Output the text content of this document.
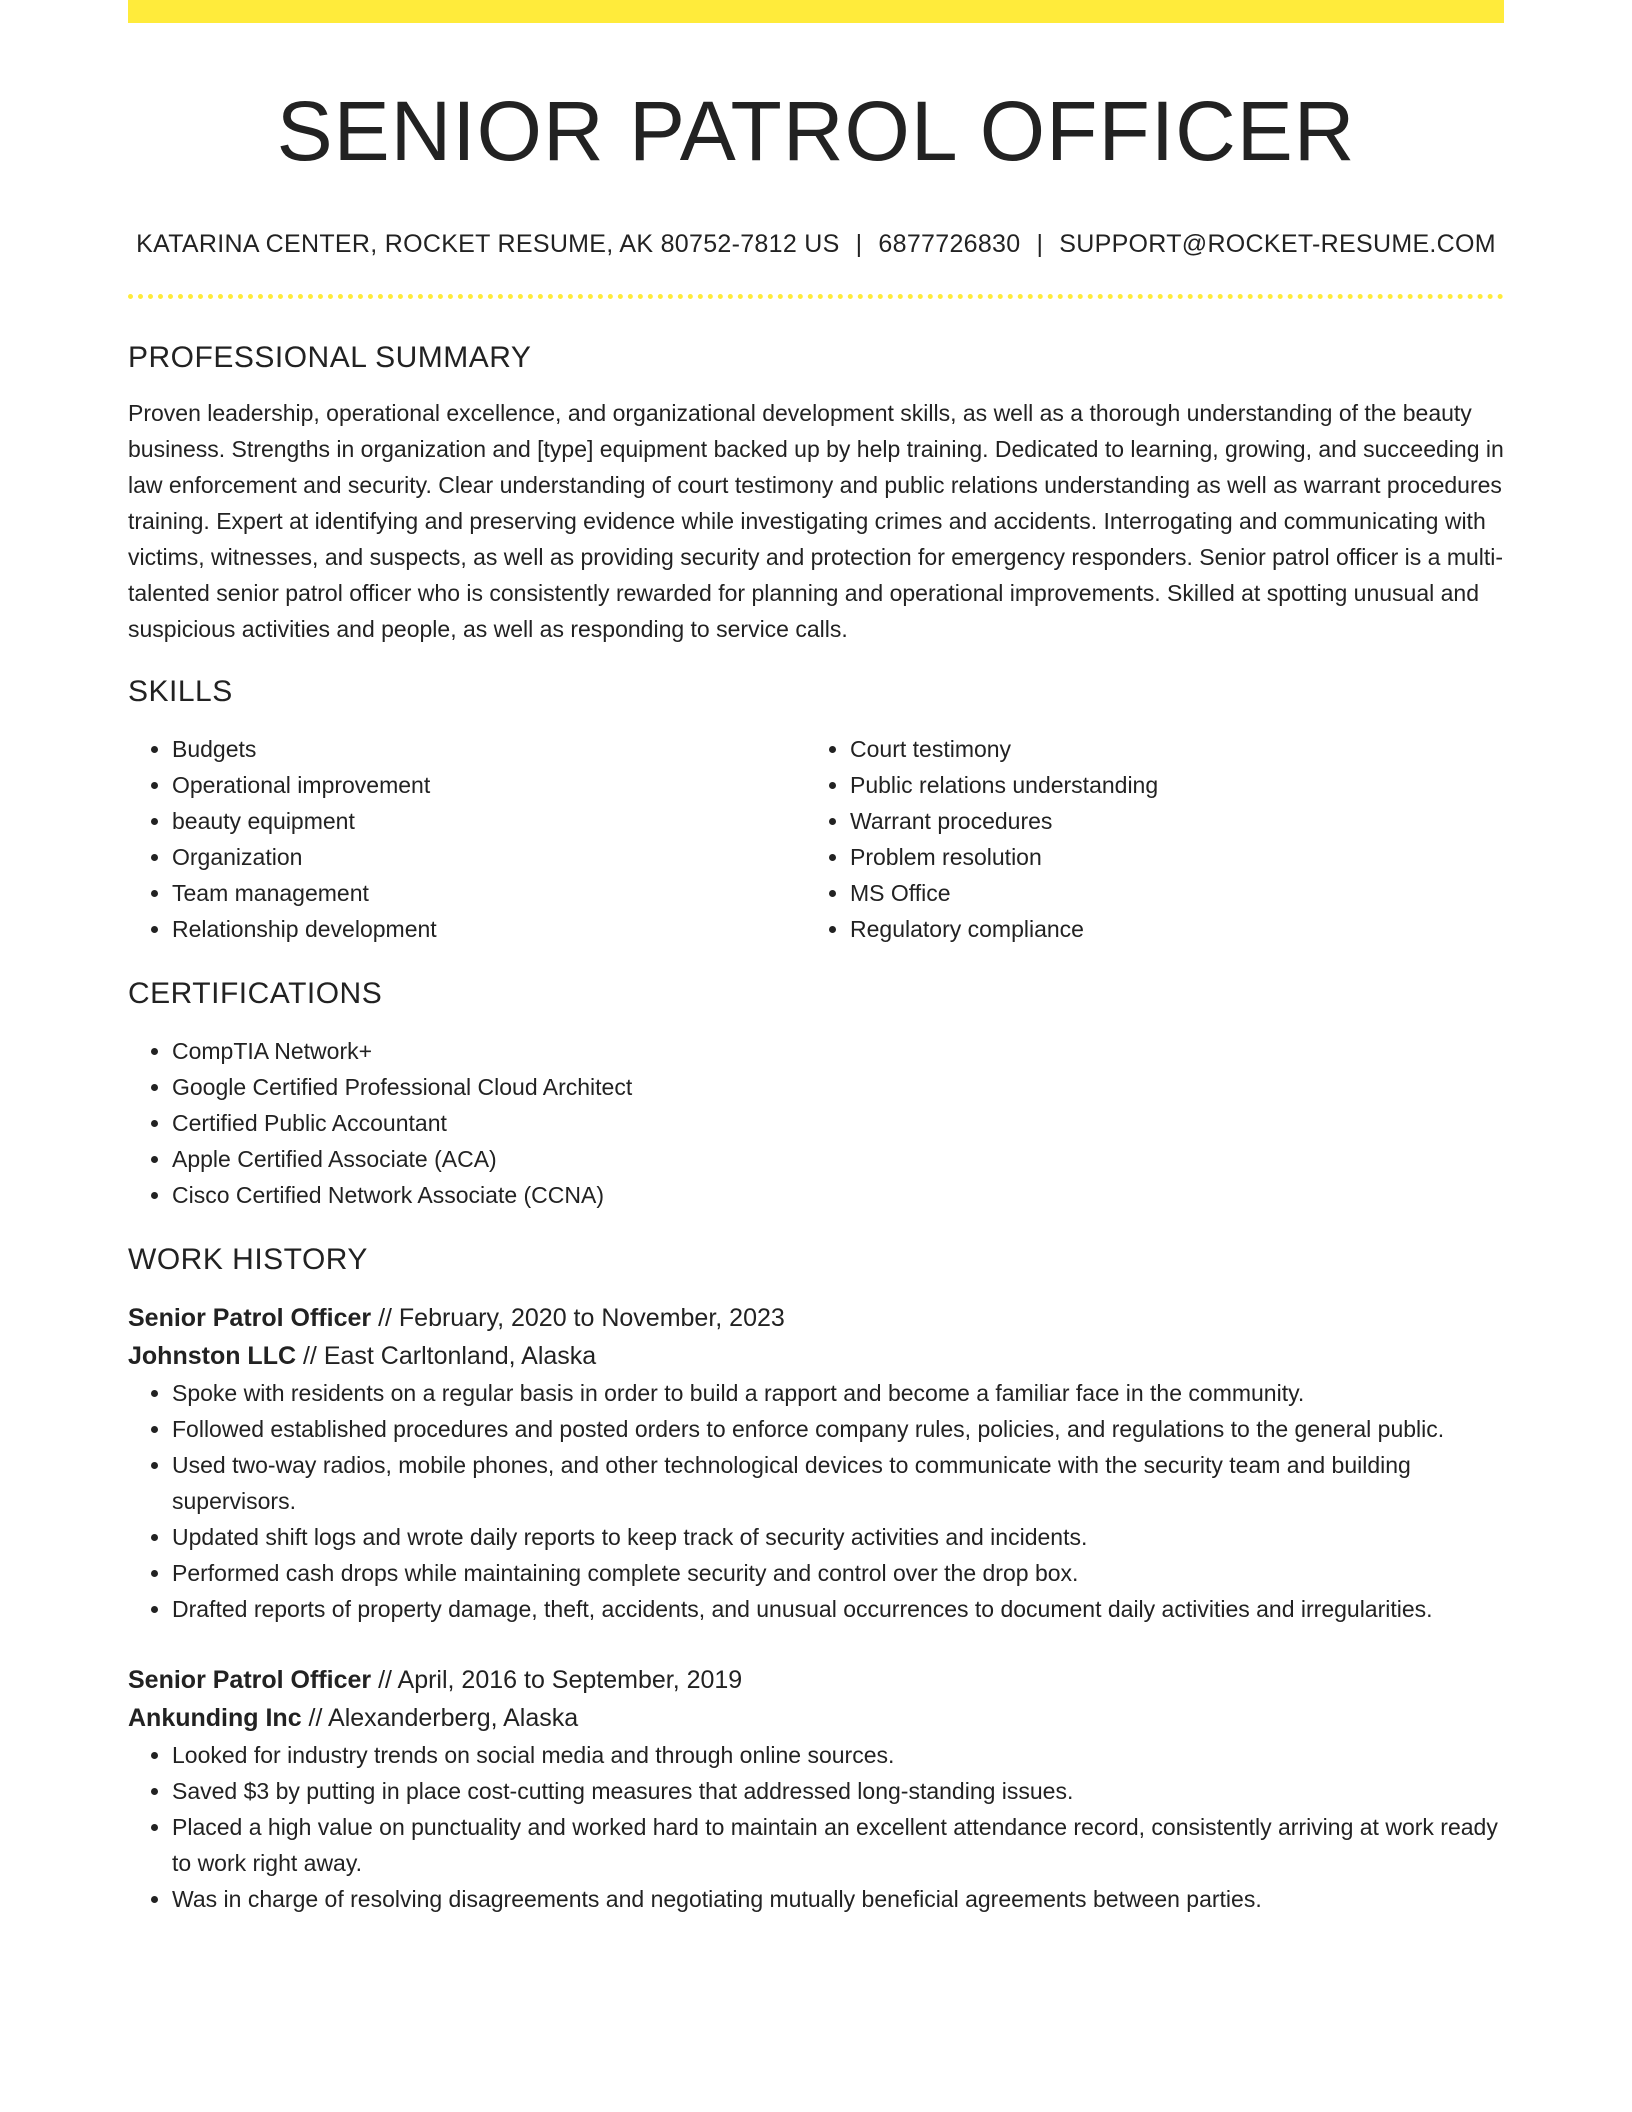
SENIOR PATROL OFFICER
KATARINA CENTER, ROCKET RESUME, AK 80752-7812 US | 6877726830 | SUPPORT@ROCKET-RESUME.COM
PROFESSIONAL SUMMARY
Proven leadership, operational excellence, and organizational development skills, as well as a thorough understanding of the beauty business. Strengths in organization and [type] equipment backed up by help training. Dedicated to learning, growing, and succeeding in law enforcement and security. Clear understanding of court testimony and public relations understanding as well as warrant procedures training. Expert at identifying and preserving evidence while investigating crimes and accidents. Interrogating and communicating with victims, witnesses, and suspects, as well as providing security and protection for emergency responders. Senior patrol officer is a multi-talented senior patrol officer who is consistently rewarded for planning and operational improvements. Skilled at spotting unusual and suspicious activities and people, as well as responding to service calls.
SKILLS
• Budgets
• Operational improvement
• beauty equipment
• Organization
• Team management
• Relationship development
• Court testimony
• Public relations understanding
• Warrant procedures
• Problem resolution
• MS Office
• Regulatory compliance
CERTIFICATIONS
• CompTIA Network+
• Google Certified Professional Cloud Architect
• Certified Public Accountant
• Apple Certified Associate (ACA)
• Cisco Certified Network Associate (CCNA)
WORK HISTORY
Senior Patrol Officer // February, 2020 to November, 2023
Johnston LLC // East Carltonland, Alaska
• Spoke with residents on a regular basis in order to build a rapport and become a familiar face in the community.
• Followed established procedures and posted orders to enforce company rules, policies, and regulations to the general public.
• Used two-way radios, mobile phones, and other technological devices to communicate with the security team and building supervisors.
• Updated shift logs and wrote daily reports to keep track of security activities and incidents.
• Performed cash drops while maintaining complete security and control over the drop box.
• Drafted reports of property damage, theft, accidents, and unusual occurrences to document daily activities and irregularities.
Senior Patrol Officer // April, 2016 to September, 2019
Ankunding Inc // Alexanderberg, Alaska
• Looked for industry trends on social media and through online sources.
• Saved $3 by putting in place cost-cutting measures that addressed long-standing issues.
• Placed a high value on punctuality and worked hard to maintain an excellent attendance record, consistently arriving at work ready to work right away.
• Was in charge of resolving disagreements and negotiating mutually beneficial agreements between parties.
